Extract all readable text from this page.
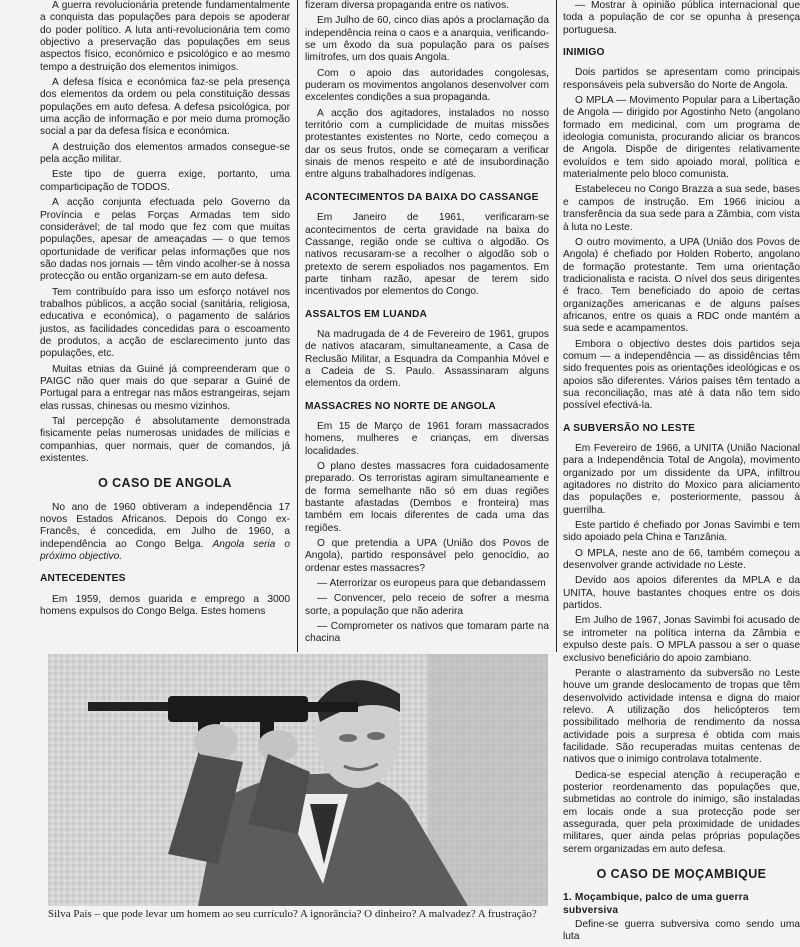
A guerra revolucionária pretende fundamentalmente a conquista das populações para depois se apoderar do poder político. A luta anti-revolucionária tem como objectivo a preservação das populações em seus aspectos físico, económico e psicológico e ao mesmo tempo a destruição dos elementos inimigos.

A defesa física e económica faz-se pela presença dos elementos da ordem ou pela constituição dessas populações em auto defesa. A defesa psicológica, por uma acção de informação e por meio duma promoção social a par da defesa física e económica.

A destruição dos elementos armados consegue-se pela acção militar.

Este tipo de guerra exige, portanto, uma comparticipação de TODOS.

A acção conjunta efectuada pelo Governo da Província e pelas Forças Armadas tem sido considerável; de tal modo que fez com que muitas populações, apesar de ameaçadas — o que temos oportunidade de verificar pelas informações que nos são dadas nos jornais — têm vindo acolher-se à nossa protecção ou então organizam-se em auto defesa.

Tem contribuído para isso um esforço notável nos trabalhos públicos, a acção social (sanitária, religiosa, educativa e económica), o pagamento de salários justos, as facilidades concedidas para o escoamento de produtos, a acção de esclarecimento junto das populações, etc.

Muitas etnias da Guiné já compreenderam que o PAIGC não quer mais do que separar a Guiné de Portugal para a entregar nas mãos estrangeiras, sejam elas russas, chinesas ou mesmo vizinhos.

Tal percepção é absolutamente demonstrada fisicamente pelas numerosas unidades de milícias e companhias, quer normais, quer de comandos, já existentes.

O CASO DE ANGOLA

No ano de 1960 obtiveram a independência 17 novos Estados Africanos. Depois do Congo ex-Francês, é concedida, em Julho de 1960, a independência ao Congo Belga. Angola seria o próximo objectivo.

ANTECEDENTES

Em 1959, demos guarida e emprego a 3000 homens expulsos do Congo Belga. Estes homens

fizeram diversa propaganda entre os nativos.

Em Julho de 60, cinco dias após a proclamação da independência reina o caos e a anarquia, verificando-se um êxodo da sua população para os países limítrofes, um dos quais Angola.

Com o apoio das autoridades congolesas, puderam os movimentos angolanos desenvolver com excelentes condições a sua propaganda.

A acção dos agitadores, instalados no nosso território com a cumplicidade de muitas missões protestantes existentes no Norte, cedo começou a dar os seus frutos, onde se começaram a verificar sinais de menos respeito e até de insubordinação entre alguns trabalhadores indígenas.

ACONTECIMENTOS DA BAIXA DO CASSANGE

Em Janeiro de 1961, verificaram-se acontecimentos de certa gravidade na baixa do Cassange, região onde se cultiva o algodão. Os nativos recusaram-se a recolher o algodão sob o pretexto de serem espoliados nos pagamentos. Em parte tinham razão, apesar de terem sido incentivados por elementos do Congo.

ASSALTOS EM LUANDA

Na madrugada de 4 de Fevereiro de 1961, grupos de nativos atacaram, simultaneamente, a Casa de Reclusão Militar, a Esquadra da Companhia Móvel e a Cadeia de S. Paulo. Assassinaram alguns elementos da ordem.

MASSACRES NO NORTE DE ANGOLA

Em 15 de Março de 1961 foram massacrados homens, mulheres e crianças, em diversas localidades.

O plano destes massacres fora cuidadosamente preparado. Os terroristas agiram simultaneamente e de forma semelhante não só em duas regiões bastante afastadas (Dembos e fronteira) mas também em locais diferentes de cada uma das regiões.

O que pretendia a UPA (União dos Povos de Angola), partido responsável pelo genocídio, ao ordenar estes massacres?

— Aterrorizar os europeus para que debandassem

— Convencer, pelo receio de sofrer a mesma sorte, a população que não aderira

— Comprometer os nativos que tomaram parte na chacina

— Mostrar à opinião pública internacional que toda a população de cor se opunha à presença portuguesa.

INIMIGO

Dois partidos se apresentam como principais responsáveis pela subversão do Norte de Angola.

O MPLA — Movimento Popular para a Libertação de Angola — dirigido por Agostinho Neto (angolano formado em medicinal, com um programa de ideologia comunista, procurando aliciar os brancos de Angola. Dispõe de dirigentes relativamente evoluídos e tem sido apoiado moral, política e materialmente pelo bloco comunista.

Estabeleceu no Congo Brazza a sua sede, bases e campos de instrução. Em 1966 iniciou a transferência da sua sede para a Zâmbia, com vista à luta no Leste.

O outro movimento, a UPA (União dos Povos de Angola) é chefiado por Holden Roberto, angolano de formação protestante. Tem uma orientação tradicionalista e racista. O nível dos seus dirigentes é fraco. Tem beneficiado do apoio de certas organizações americanas e de alguns países africanos, entre os quais a RDC onde mantém a sua sede e acampamentos.

Embora o objectivo destes dois partidos seja comum — a independência — as dissidências têm sido frequentes pois as orientações ideológicas e os apoios são diferentes. Vários países têm tentado a sua reconciliação, mas até à data não tem sido possível efectivá-la.

A SUBVERSÃO NO LESTE

Em Fevereiro de 1966, a UNITA (União Nacional para a Independência Total de Angola), movimento organizado por um dissidente da UPA, infiltrou agitadores no distrito do Moxico para aliciamento das populações e, posteriormente, passou à guerrilha.

Este partido é chefiado por Jonas Savimbi e tem sido apoiado pela China e Tanzânia.

O MPLA, neste ano de 66, também começou a desenvolver grande actividade no Leste.

Devido aos apoios diferentes da MPLA e da UNITA, houve bastantes choques entre os dois partidos.

Em Julho de 1967, Jonas Savimbi foi acusado de se intrometer na política interna da Zâmbia e expulso deste país. O MPLA passou a ser o quase exclusivo beneficiário do apoio zambiano.

Perante o alastramento da subversão no Leste houve um grande deslocamento de tropas que têm desenvolvido actividade intensa e digna do maior relevo. A utilização dos helicópteros tem possibilitado melhoria de rendimento da nossa actividade pois a surpresa é obtida com mais facilidade. São recuperadas muitas centenas de nativos que o inimigo controlava totalmente.

Dedica-se especial atenção à recuperação e posterior reordenamento das populações que, submetidas ao controle do inimigo, são instaladas em locais onde a sua protecção pode ser assegurada, quer pela proximidade de unidades militares, quer ainda pelas próprias populações serem organizadas em auto defesa.

O CASO DE MOÇAMBIQUE
1. Moçambique, palco de uma guerra subversiva

Define-se guerra subversiva como sendo uma luta

Silva Pais – que pode levar um homem ao seu currículo? A ignorância? O dinheiro? A malvadez? A frustração?
